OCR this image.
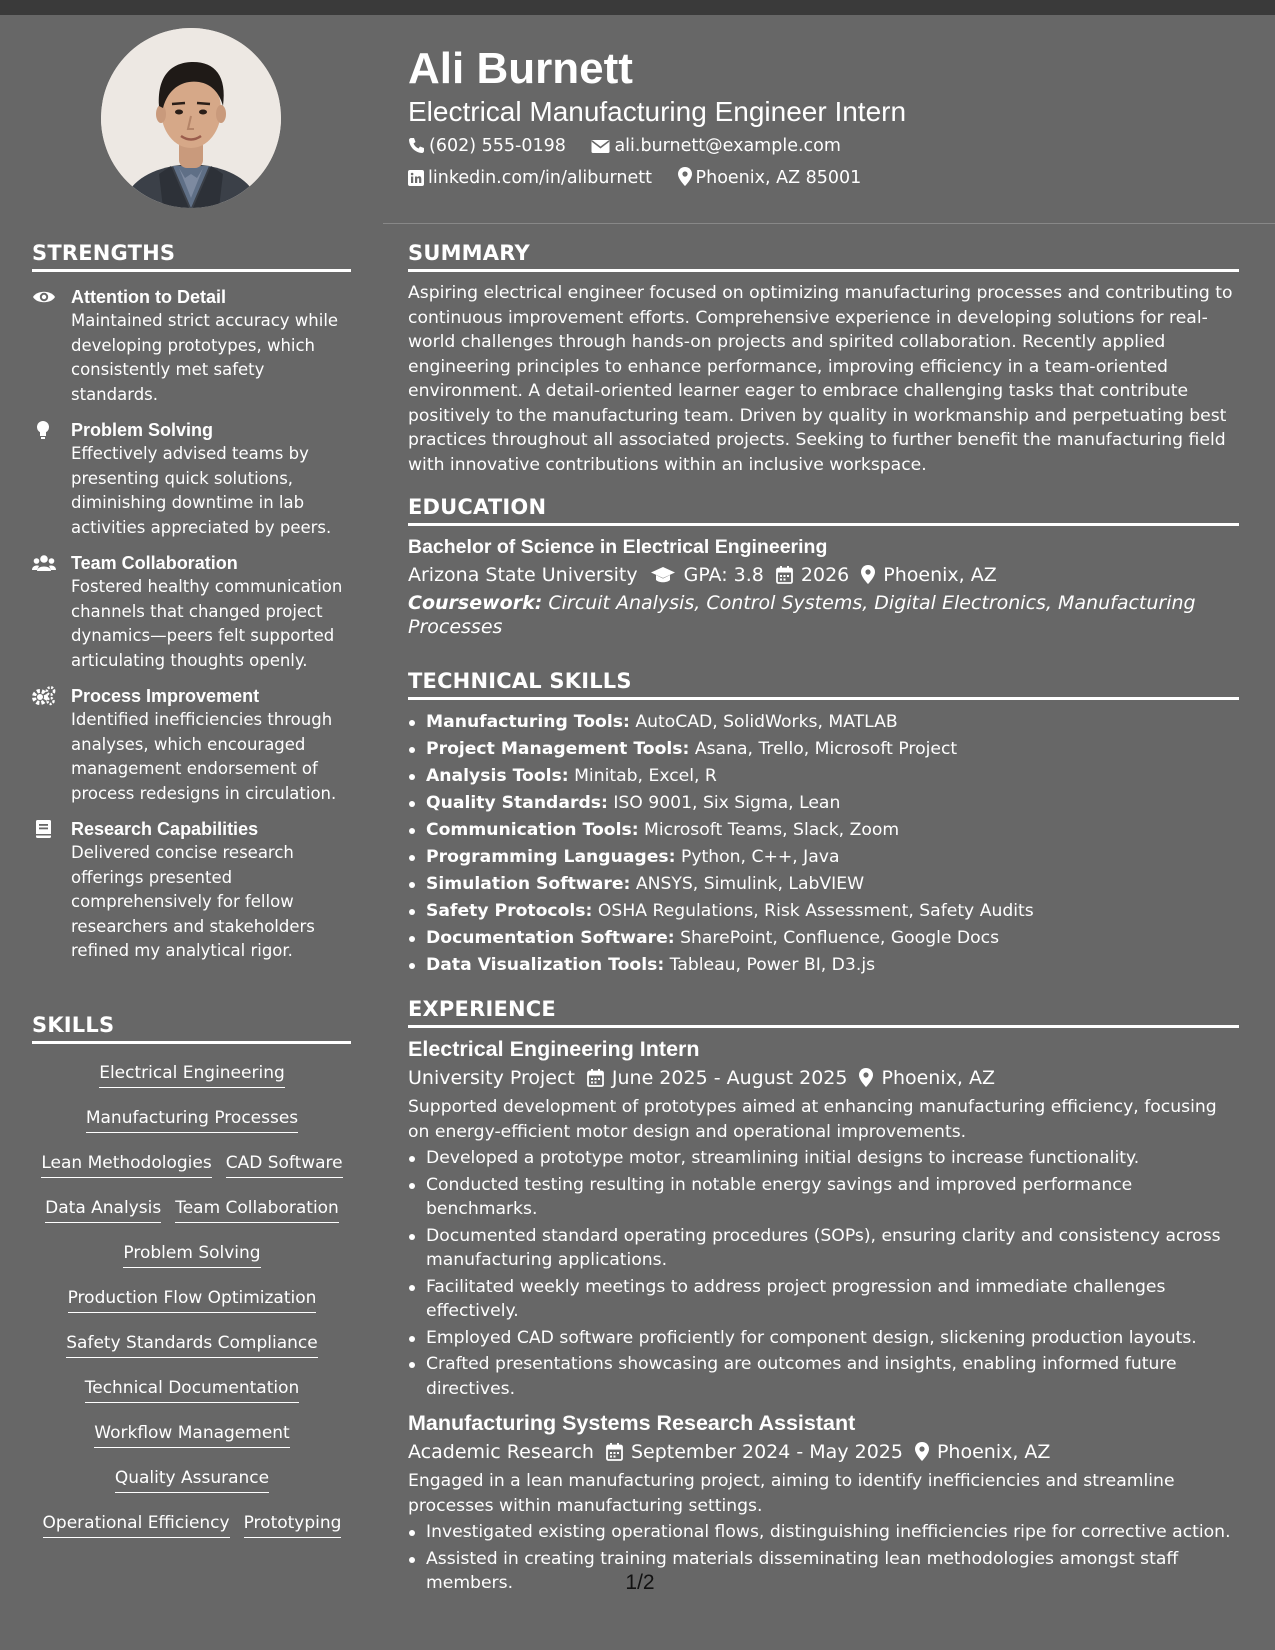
STRENGTHS
Attention to Detail
Maintained strict accuracy while developing prototypes, which consistently met safety standards.
Problem Solving
Effectively advised teams by presenting quick solutions, diminishing downtime in lab activities appreciated by peers.
Team Collaboration
Fostered healthy communication channels that changed project dynamics—peers felt supported articulating thoughts openly.
Process Improvement
Identified inefficiencies through analyses, which encouraged management endorsement of process redesigns in circulation.
Research Capabilities
Delivered concise research offerings presented comprehensively for fellow researchers and stakeholders refined my analytical rigor.
SKILLS
Electrical Engineering
Manufacturing Processes
Lean Methodologies CAD Software
Data Analysis Team Collaboration
Problem Solving
Production Flow Optimization
Safety Standards Compliance
Technical Documentation
Workflow Management
Quality Assurance
Operational Efficiency Prototyping
Ali Burnett
Electrical Manufacturing Engineer Intern
(602) 555-0198	ali.burnett@example.com
linkedin.com/in/aliburnett Phoenix, AZ 85001
SUMMARY
Aspiring electrical engineer focused on optimizing manufacturing processes and contributing to continuous improvement efforts. Comprehensive experience in developing solutions for real-world challenges through hands-on projects and spirited collaboration. Recently applied engineering principles to enhance performance, improving efficiency in a team-oriented environment. A detail-oriented learner eager to embrace challenging tasks that contribute positively to the manufacturing team. Driven by quality in workmanship and perpetuating best practices throughout all associated projects. Seeking to further benefit the manufacturing field with innovative contributions within an inclusive workspace.
EDUCATION
Bachelor of Science in Electrical Engineering
Arizona State University GPA: 3.8 2026 Phoenix, AZ
Coursework: Circuit Analysis, Control Systems, Digital Electronics, Manufacturing Processes
TECHNICAL SKILLS
Manufacturing Tools: AutoCAD, SolidWorks, MATLAB
Project Management Tools: Asana, Trello, Microsoft Project
Analysis Tools: Minitab, Excel, R
Quality Standards: ISO 9001, Six Sigma, Lean
Communication Tools: Microsoft Teams, Slack, Zoom
Programming Languages: Python, C++, Java
Simulation Software: ANSYS, Simulink, LabVIEW
Safety Protocols: OSHA Regulations, Risk Assessment, Safety Audits
Documentation Software: SharePoint, Confluence, Google Docs
Data Visualization Tools: Tableau, Power BI, D3.js
EXPERIENCE
Electrical Engineering Intern
University Project June 2025 - August 2025 Phoenix, AZ
Supported development of prototypes aimed at enhancing manufacturing efficiency, focusing on energy-efficient motor design and operational improvements.
Developed a prototype motor, streamlining initial designs to increase functionality.
Conducted testing resulting in notable energy savings and improved performance benchmarks.
Documented standard operating procedures (SOPs), ensuring clarity and consistency across manufacturing applications.
Facilitated weekly meetings to address project progression and immediate challenges effectively.
Employed CAD software proficiently for component design, slickening production layouts.
Crafted presentations showcasing are outcomes and insights, enabling informed future directives.
Manufacturing Systems Research Assistant
Academic Research September 2024 - May 2025 Phoenix, AZ
Engaged in a lean manufacturing project, aiming to identify inefficiencies and streamline processes within manufacturing settings.
Investigated existing operational flows, distinguishing inefficiencies ripe for corrective action.
Assisted in creating training materials disseminating lean methodologies amongst staff members.	1/2
